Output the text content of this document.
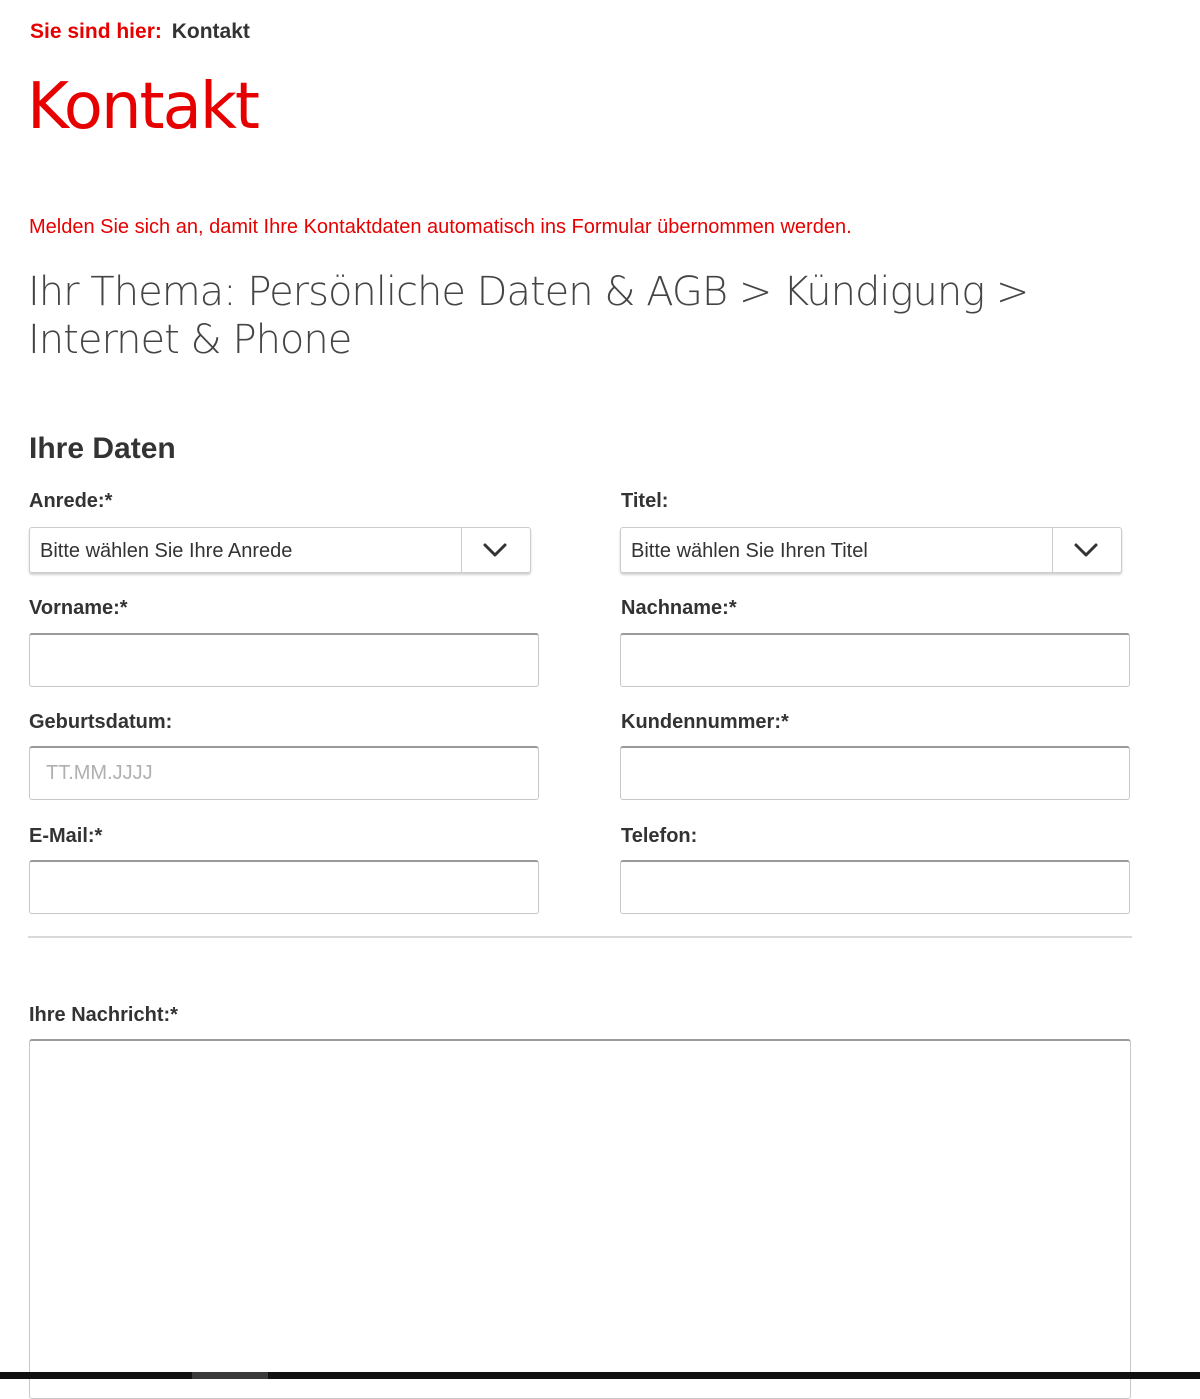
Sie sind hier: Kontakt
Kontakt
Melden Sie sich an, damit Ihre Kontaktdaten automatisch ins Formular übernommen werden.
Ihr Thema: Persönliche Daten & AGB > Kündigung > Internet & Phone
Ihre Daten
Anrede:*
Bitte wählen Sie Ihre Anrede
Titel:
Bitte wählen Sie Ihren Titel
Vorname:*	Nachname:*
Geburtsdatum:
TT.MM.JJJJ	Kundennummer:*
E-Mail:*	Telefon:
Ihre Nachricht:*
